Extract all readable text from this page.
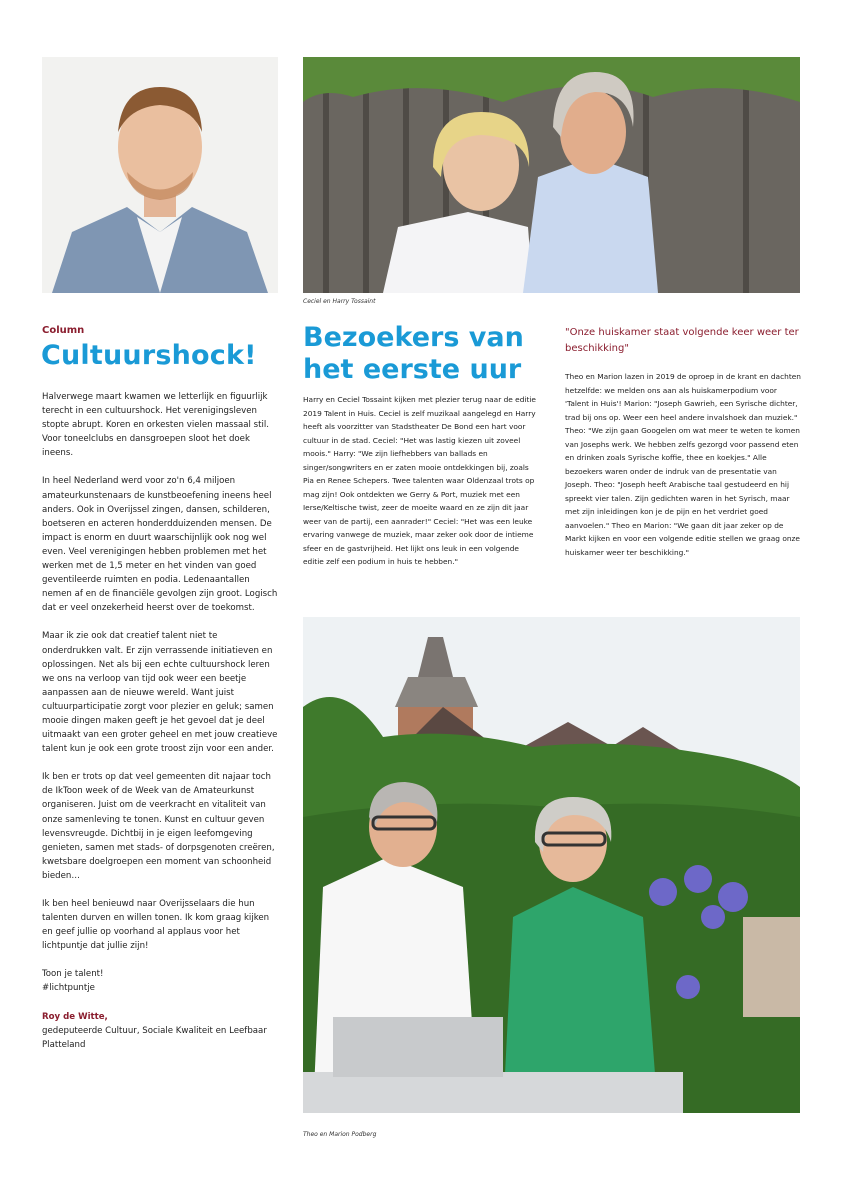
Ceciel en Harry Tossaint
Column
Cultuurshock!

Halverwege maart kwamen we letterlijk en figuurlijk terecht in een cultuurshock. Het verenigingsleven stopte abrupt. Koren en orkesten vielen massaal stil. Voor toneelclubs en dansgroepen sloot het doek ineens.

In heel Nederland werd voor zo'n 6,4 miljoen amateurkunstenaars de kunstbeoefening ineens heel anders. Ook in Overijssel zingen, dansen, schilderen, boetseren en acteren honderdduizenden mensen. De impact is enorm en duurt waarschijnlijk ook nog wel even. Veel verenigingen hebben problemen met het werken met de 1,5 meter en het vinden van goed geventileerde ruimten en podia. Ledenaantallen nemen af en de financiële gevolgen zijn groot. Logisch dat er veel onzekerheid heerst over de toekomst.

Maar ik zie ook dat creatief talent niet te onderdrukken valt. Er zijn verrassende initiatieven en oplossingen. Net als bij een echte cultuurshock leren we ons na verloop van tijd ook weer een beetje aanpassen aan de nieuwe wereld. Want juist cultuurparticipatie zorgt voor plezier en geluk; samen mooie dingen maken geeft je het gevoel dat je deel uitmaakt van een groter geheel en met jouw creatieve talent kun je ook een grote troost zijn voor een ander.

Ik ben er trots op dat veel gemeenten dit najaar toch de IkToon week of de Week van de Amateurkunst organiseren. Juist om de veerkracht en vitaliteit van onze samenleving te tonen. Kunst en cultuur geven levensvreugde. Dichtbij in je eigen leefomgeving genieten, samen met stads- of dorpsgenoten creëren, kwetsbare doelgroepen een moment van schoonheid bieden…

Ik ben heel benieuwd naar Overijsselaars die hun talenten durven en willen tonen. Ik kom graag kijken en geef jullie op voorhand al applaus voor het lichtpuntje dat jullie zijn!

Toon je talent!
#lichtpuntje

Roy de Witte,
gedeputeerde Cultuur, Sociale Kwaliteit en Leefbaar Platteland

Bezoekers van het eerste uur

Harry en Ceciel Tossaint kijken met plezier terug naar de editie 2019 Talent in Huis. Ceciel is zelf muzikaal aangelegd en Harry heeft als voorzitter van Stadstheater De Bond een hart voor cultuur in de stad. Ceciel: "Het was lastig kiezen uit zoveel moois." Harry: "We zijn liefhebbers van ballads en singer/songwriters en er zaten mooie ontdekkingen bij, zoals Pia en Renee Schepers. Twee talenten waar Oldenzaal trots op mag zijn! Ook ontdekten we Gerry & Port, muziek met een Ierse/Keltische twist, zeer de moeite waard en ze zijn dit jaar weer van de partij, een aanrader!" Ceciel: "Het was een leuke ervaring vanwege de muziek, maar zeker ook door de intieme sfeer en de gastvrijheid. Het lijkt ons leuk in een volgende editie zelf een podium in huis te hebben."

"Onze huiskamer staat volgende keer weer ter beschikking"

Theo en Marion lazen in 2019 de oproep in de krant en dachten hetzelfde: we melden ons aan als huiskamerpodium voor 'Talent in Huis'! Marion: "Joseph Gawrieh, een Syrische dichter, trad bij ons op. Weer een heel andere invalshoek dan muziek." Theo: "We zijn gaan Googelen om wat meer te weten te komen van Josephs werk. We hebben zelfs gezorgd voor passend eten en drinken zoals Syrische koffie, thee en koekjes." Alle bezoekers waren onder de indruk van de presentatie van Joseph. Theo: "Joseph heeft Arabische taal gestudeerd en hij spreekt vier talen. Zijn gedichten waren in het Syrisch, maar met zijn inleidingen kon je de pijn en het verdriet goed aanvoelen." Theo en Marion: "We gaan dit jaar zeker op de Markt kijken en voor een volgende editie stellen we graag onze huiskamer weer ter beschikking."

Theo en Marion Podberg
